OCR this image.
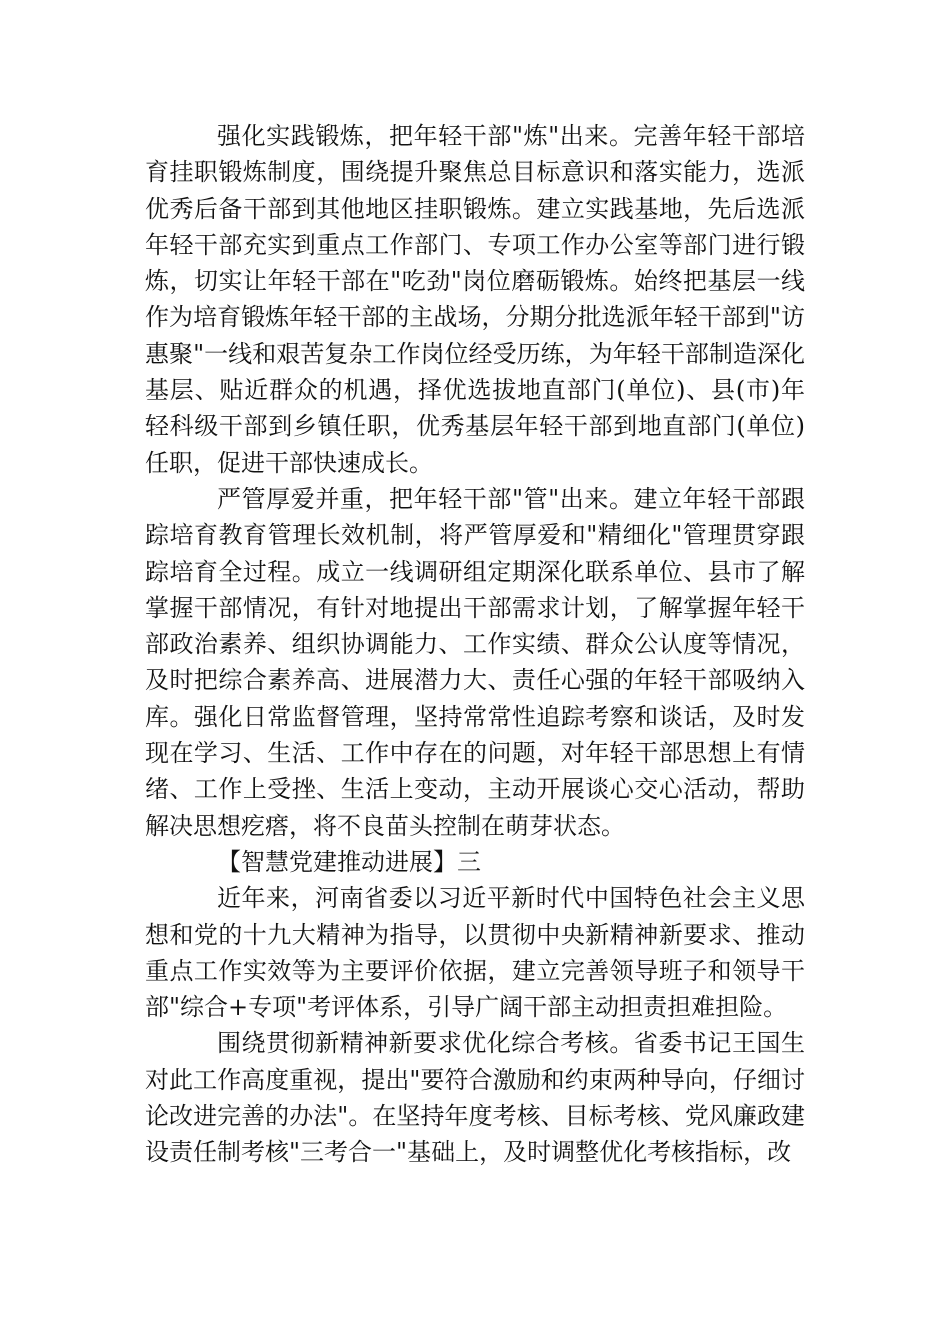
强化实践锻炼，把年轻干部"炼"出来。完善年轻干部培育挂职锻炼制度，围绕提升聚焦总目标意识和落实能力，选派优秀后备干部到其他地区挂职锻炼。建立实践基地，先后选派年轻干部充实到重点工作部门、专项工作办公室等部门进行锻炼，切实让年轻干部在"吃劲"岗位磨砺锻炼。始终把基层一线作为培育锻炼年轻干部的主战场，分期分批选派年轻干部到"访惠聚"一线和艰苦复杂工作岗位经受历练，为年轻干部制造深化基层、贴近群众的机遇，择优选拔地直部门(单位)、县(市)年轻科级干部到乡镇任职，优秀基层年轻干部到地直部门(单位)任职，促进干部快速成长。

严管厚爱并重，把年轻干部"管"出来。建立年轻干部跟踪培育教育管理长效机制，将严管厚爱和"精细化"管理贯穿跟踪培育全过程。成立一线调研组定期深化联系单位、县市了解掌握干部情况，有针对地提出干部需求计划，了解掌握年轻干部政治素养、组织协调能力、工作实绩、群众公认度等情况，及时把综合素养高、进展潜力大、责任心强的年轻干部吸纳入库。强化日常监督管理，坚持常常性追踪考察和谈话，及时发现在学习、生活、工作中存在的问题，对年轻干部思想上有情绪、工作上受挫、生活上变动，主动开展谈心交心活动，帮助解决思想疙瘩，将不良苗头控制在萌芽状态。

【智慧党建推动进展】三

近年来，河南省委以习近平新时代中国特色社会主义思想和党的十九大精神为指导，以贯彻中央新精神新要求、推动重点工作实效等为主要评价依据，建立完善领导班子和领导干部"综合+专项"考评体系，引导广阔干部主动担责担难担险。

围绕贯彻新精神新要求优化综合考核。省委书记王国生对此工作高度重视，提出"要符合激励和约束两种导向，仔细讨论改进完善的办法"。在坚持年度考核、目标考核、党风廉政建设责任制考核"三考合一"基础上，及时调整优化考核指标，改
